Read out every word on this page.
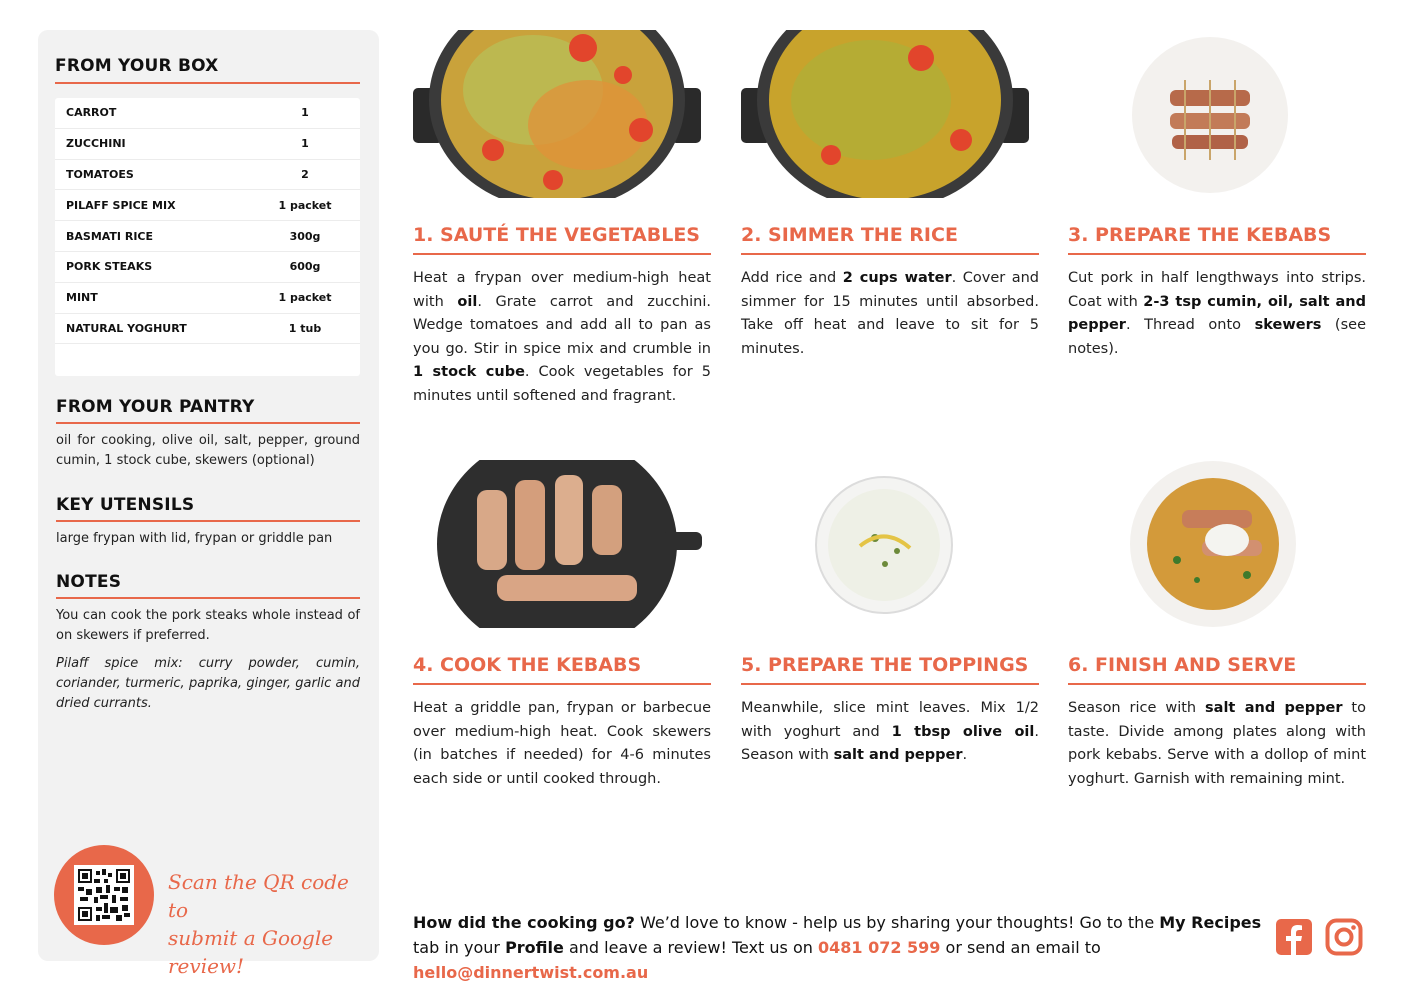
FROM YOUR BOX
CARROT	1
ZUCCHINI	1
TOMATOES	2
PILAFF SPICE MIX	1 packet
BASMATI RICE	300g
PORK STEAKS	600g
MINT	1 packet
NATURAL YOGHURT	1 tub
FROM YOUR PANTRY
oil for cooking, olive oil, salt, pepper, ground cumin, 1 stock cube, skewers (optional)
KEY UTENSILS
large frypan with lid, frypan or griddle pan
NOTES
You can cook the pork steaks whole instead of on skewers if preferred.
Pilaff spice mix: curry powder, cumin, coriander, turmeric, paprika, ginger, garlic and dried currants.
Scan the QR code to
submit a Google review!
1. SAUTÉ THE VEGETABLES
Heat a frypan over medium-high heat with oil. Grate carrot and zucchini. Wedge tomatoes and add all to pan as you go. Stir in spice mix and crumble in 1 stock cube. Cook vegetables for 5 minutes until softened and fragrant.
2. SIMMER THE RICE
Add rice and 2 cups water. Cover and simmer for 15 minutes until absorbed. Take off heat and leave to sit for 5 minutes.
3. PREPARE THE KEBABS
Cut pork in half lengthways into strips. Coat with 2-3 tsp cumin, oil, salt and pepper. Thread onto skewers (see notes).
4. COOK THE KEBABS
Heat a griddle pan, frypan or barbecue over medium-high heat. Cook skewers (in batches if needed) for 4-6 minutes each side or until cooked through.
5. PREPARE THE TOPPINGS
Meanwhile, slice mint leaves. Mix 1/2 with yoghurt and 1 tbsp olive oil. Season with salt and pepper.
6. FINISH AND SERVE
Season rice with salt and pepper to taste. Divide among plates along with pork kebabs. Serve with a dollop of mint yoghurt. Garnish with remaining mint.
How did the cooking go? We’d love to know - help us by sharing your thoughts! Go to the My Recipes tab in your Profile and leave a review! Text us on 0481 072 599 or send an email to hello@dinnertwist.com.au
